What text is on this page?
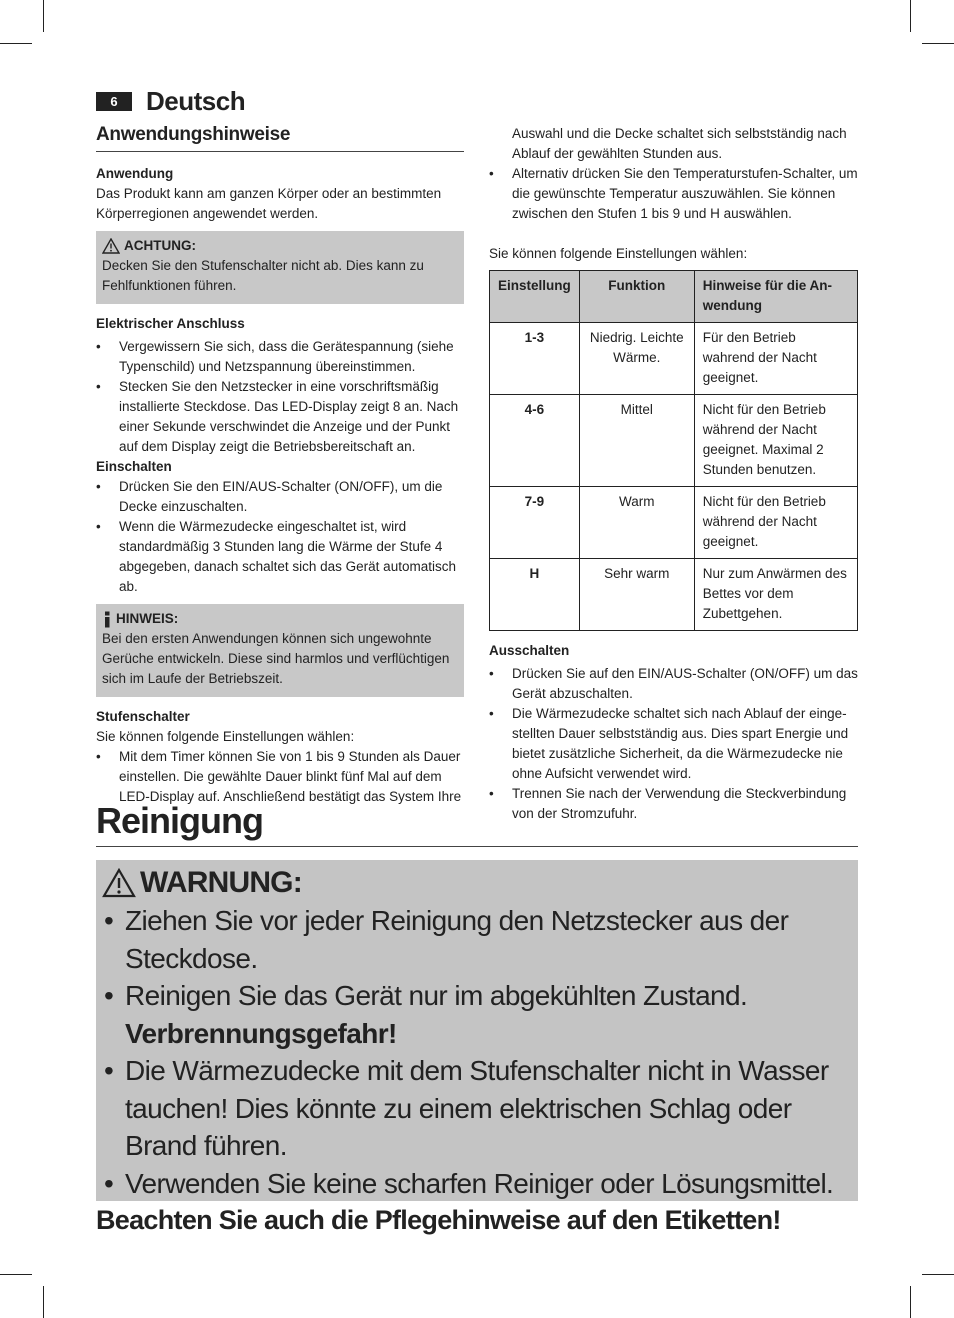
6	Deutsch
Anwendungshinweise

Anwendung

Das Produkt kann am ganzen Körper oder an bestimmten Körperregionen angewendet werden.

ACHTUNG:

Decken Sie den Stufenschalter nicht ab. Dies kann zu Fehlfunktionen führen.

Elektrischer Anschluss

• Vergewissern Sie sich, dass die Gerätespannung (siehe Typenschild) und Netzspannung übereinstimmen.
• Stecken Sie den Netzstecker in eine vorschriftsmäßig installierte Steckdose. Das LED-Display zeigt 8 an. Nach einer Sekunde verschwindet die Anzeige und der Punkt auf dem Display zeigt die Betriebsbereitschaft an.

Einschalten

• Drücken Sie den EIN/AUS-Schalter (ON/OFF), um die Decke einzuschalten.
• Wenn die Wärmezudecke eingeschaltet ist, wird standardmäßig 3 Stunden lang die Wärme der Stufe 4 abgegeben, danach schaltet sich das Gerät automatisch ab.
HINWEIS:

Bei den ersten Anwendungen können sich ungewohnte Gerüche entwickeln. Diese sind harmlos und verflüchtigen sich im Laufe der Betriebszeit.

Stufenschalter

Sie können folgende Einstellungen wählen:

• Mit dem Timer können Sie von 1 bis 9 Stunden als Dauer einstellen. Die gewählte Dauer blinkt fünf Mal auf dem LED-Display auf. Anschließend bestätigt das System Ihre
Auswahl und die Decke schaltet sich selbstständig nach Ablauf der gewählten Stunden aus.
• Alternativ drücken Sie den Temperaturstufen-Schalter, um die gewünschte Temperatur auszuwählen. Sie können zwischen den Stufen 1 bis 9 und H auswählen.

Sie können folgende Einstellungen wählen:

Einstellung	Funktion	Hinweise für die An-wendung
1-3	Niedrig. Leichte Wärme.	Für den Betrieb wahrend der Nacht geeignet.
4-6	Mittel	Nicht für den Betrieb während der Nacht geeignet. Maximal 2 Stunden benutzen.
7-9	Warm	Nicht für den Betrieb während der Nacht geeignet.
H	Sehr warm	Nur zum Anwärmen des Bettes vor dem Zubettgehen.

Ausschalten

• Drücken Sie auf den EIN/AUS-Schalter (ON/OFF) um das Gerät abzuschalten.
• Die Wärmezudecke schaltet sich nach Ablauf der einge-stellten Dauer selbstständig aus. Dies spart Energie und bietet zusätzliche Sicherheit, da die Wärmezudecke nie ohne Aufsicht verwendet wird.
• Trennen Sie nach der Verwendung die Steckverbindung von der Stromzufuhr.
Reinigung
WARNUNG:
• Ziehen Sie vor jeder Reinigung den Netzstecker aus der Steckdose.
• Reinigen Sie das Gerät nur im abgekühlten Zustand.
Verbrennungsgefahr!
• Die Wärmezudecke mit dem Stufenschalter nicht in Wasser tauchen! Dies könnte zu einem elektrischen Schlag oder Brand führen.
• Verwenden Sie keine scharfen Reiniger oder Lösungsmittel.
Beachten Sie auch die Pflegehinweise auf den Etiketten!
